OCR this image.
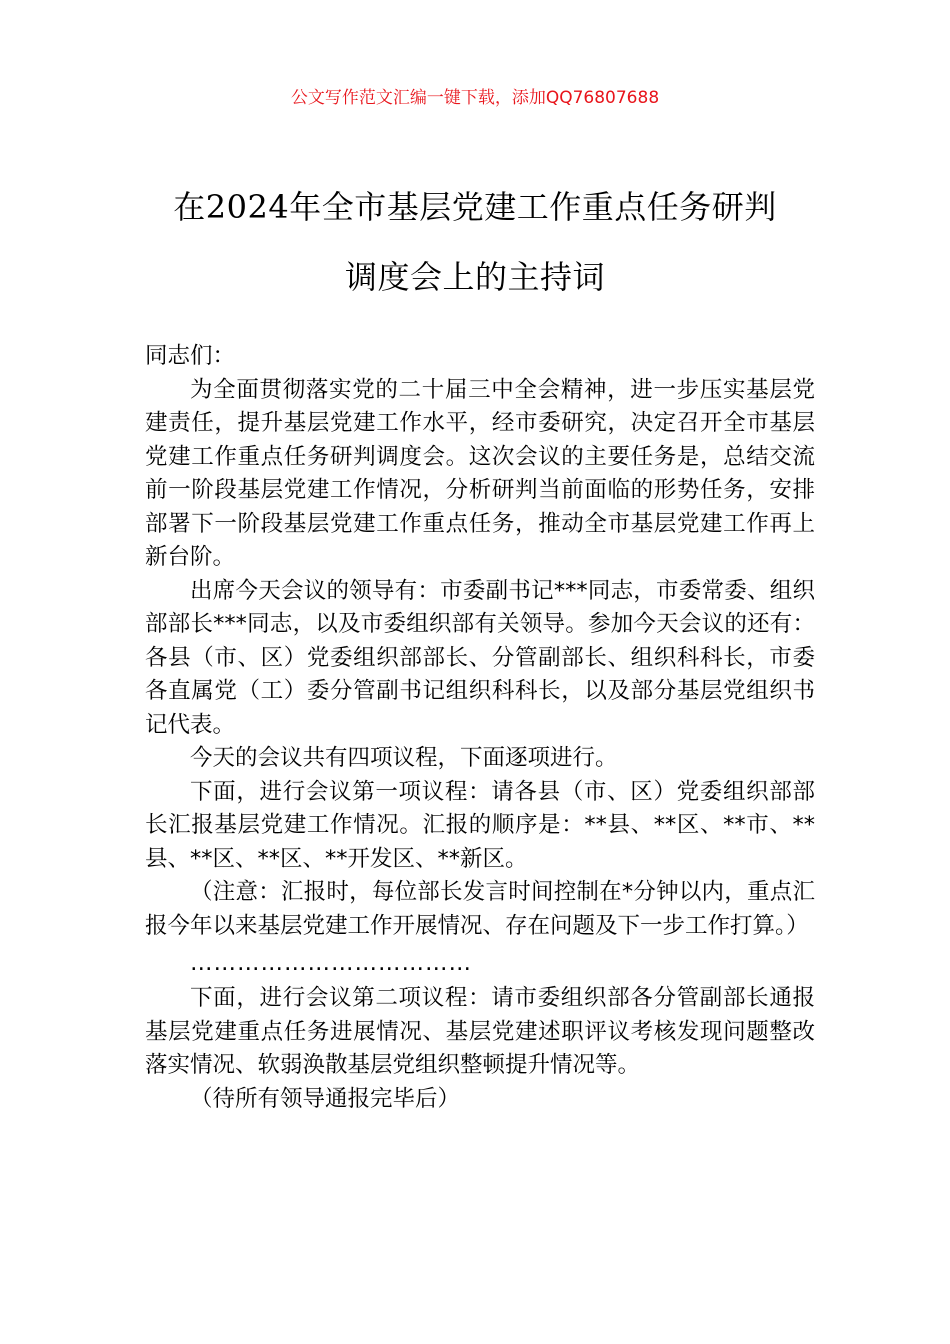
公文写作范文汇编一键下载，添加QQ76807688
在2024年全市基层党建工作重点任务研判
调度会上的主持词

同志们：

为全面贯彻落实党的二十届三中全会精神，进一步压实基层党建责任，提升基层党建工作水平，经市委研究，决定召开全市基层党建工作重点任务研判调度会。这次会议的主要任务是，总结交流前一阶段基层党建工作情况，分析研判当前面临的形势任务，安排部署下一阶段基层党建工作重点任务，推动全市基层党建工作再上新台阶。

出席今天会议的领导有：市委副书记***同志，市委常委、组织部部长***同志，以及市委组织部有关领导。参加今天会议的还有：各县（市、区）党委组织部部长、分管副部长、组织科科长，市委各直属党（工）委分管副书记组织科科长，以及部分基层党组织书记代表。

今天的会议共有四项议程，下面逐项进行。

下面，进行会议第一项议程：请各县（市、区）党委组织部部长汇报基层党建工作情况。汇报的顺序是：**县、**区、**市、**县、**区、**区、**开发区、**新区。

（注意：汇报时，每位部长发言时间控制在*分钟以内，重点汇报今年以来基层党建工作开展情况、存在问题及下一步工作打算。）

………………………………

下面，进行会议第二项议程：请市委组织部各分管副部长通报基层党建重点任务进展情况、基层党建述职评议考核发现问题整改落实情况、软弱涣散基层党组织整顿提升情况等。

（待所有领导通报完毕后）
